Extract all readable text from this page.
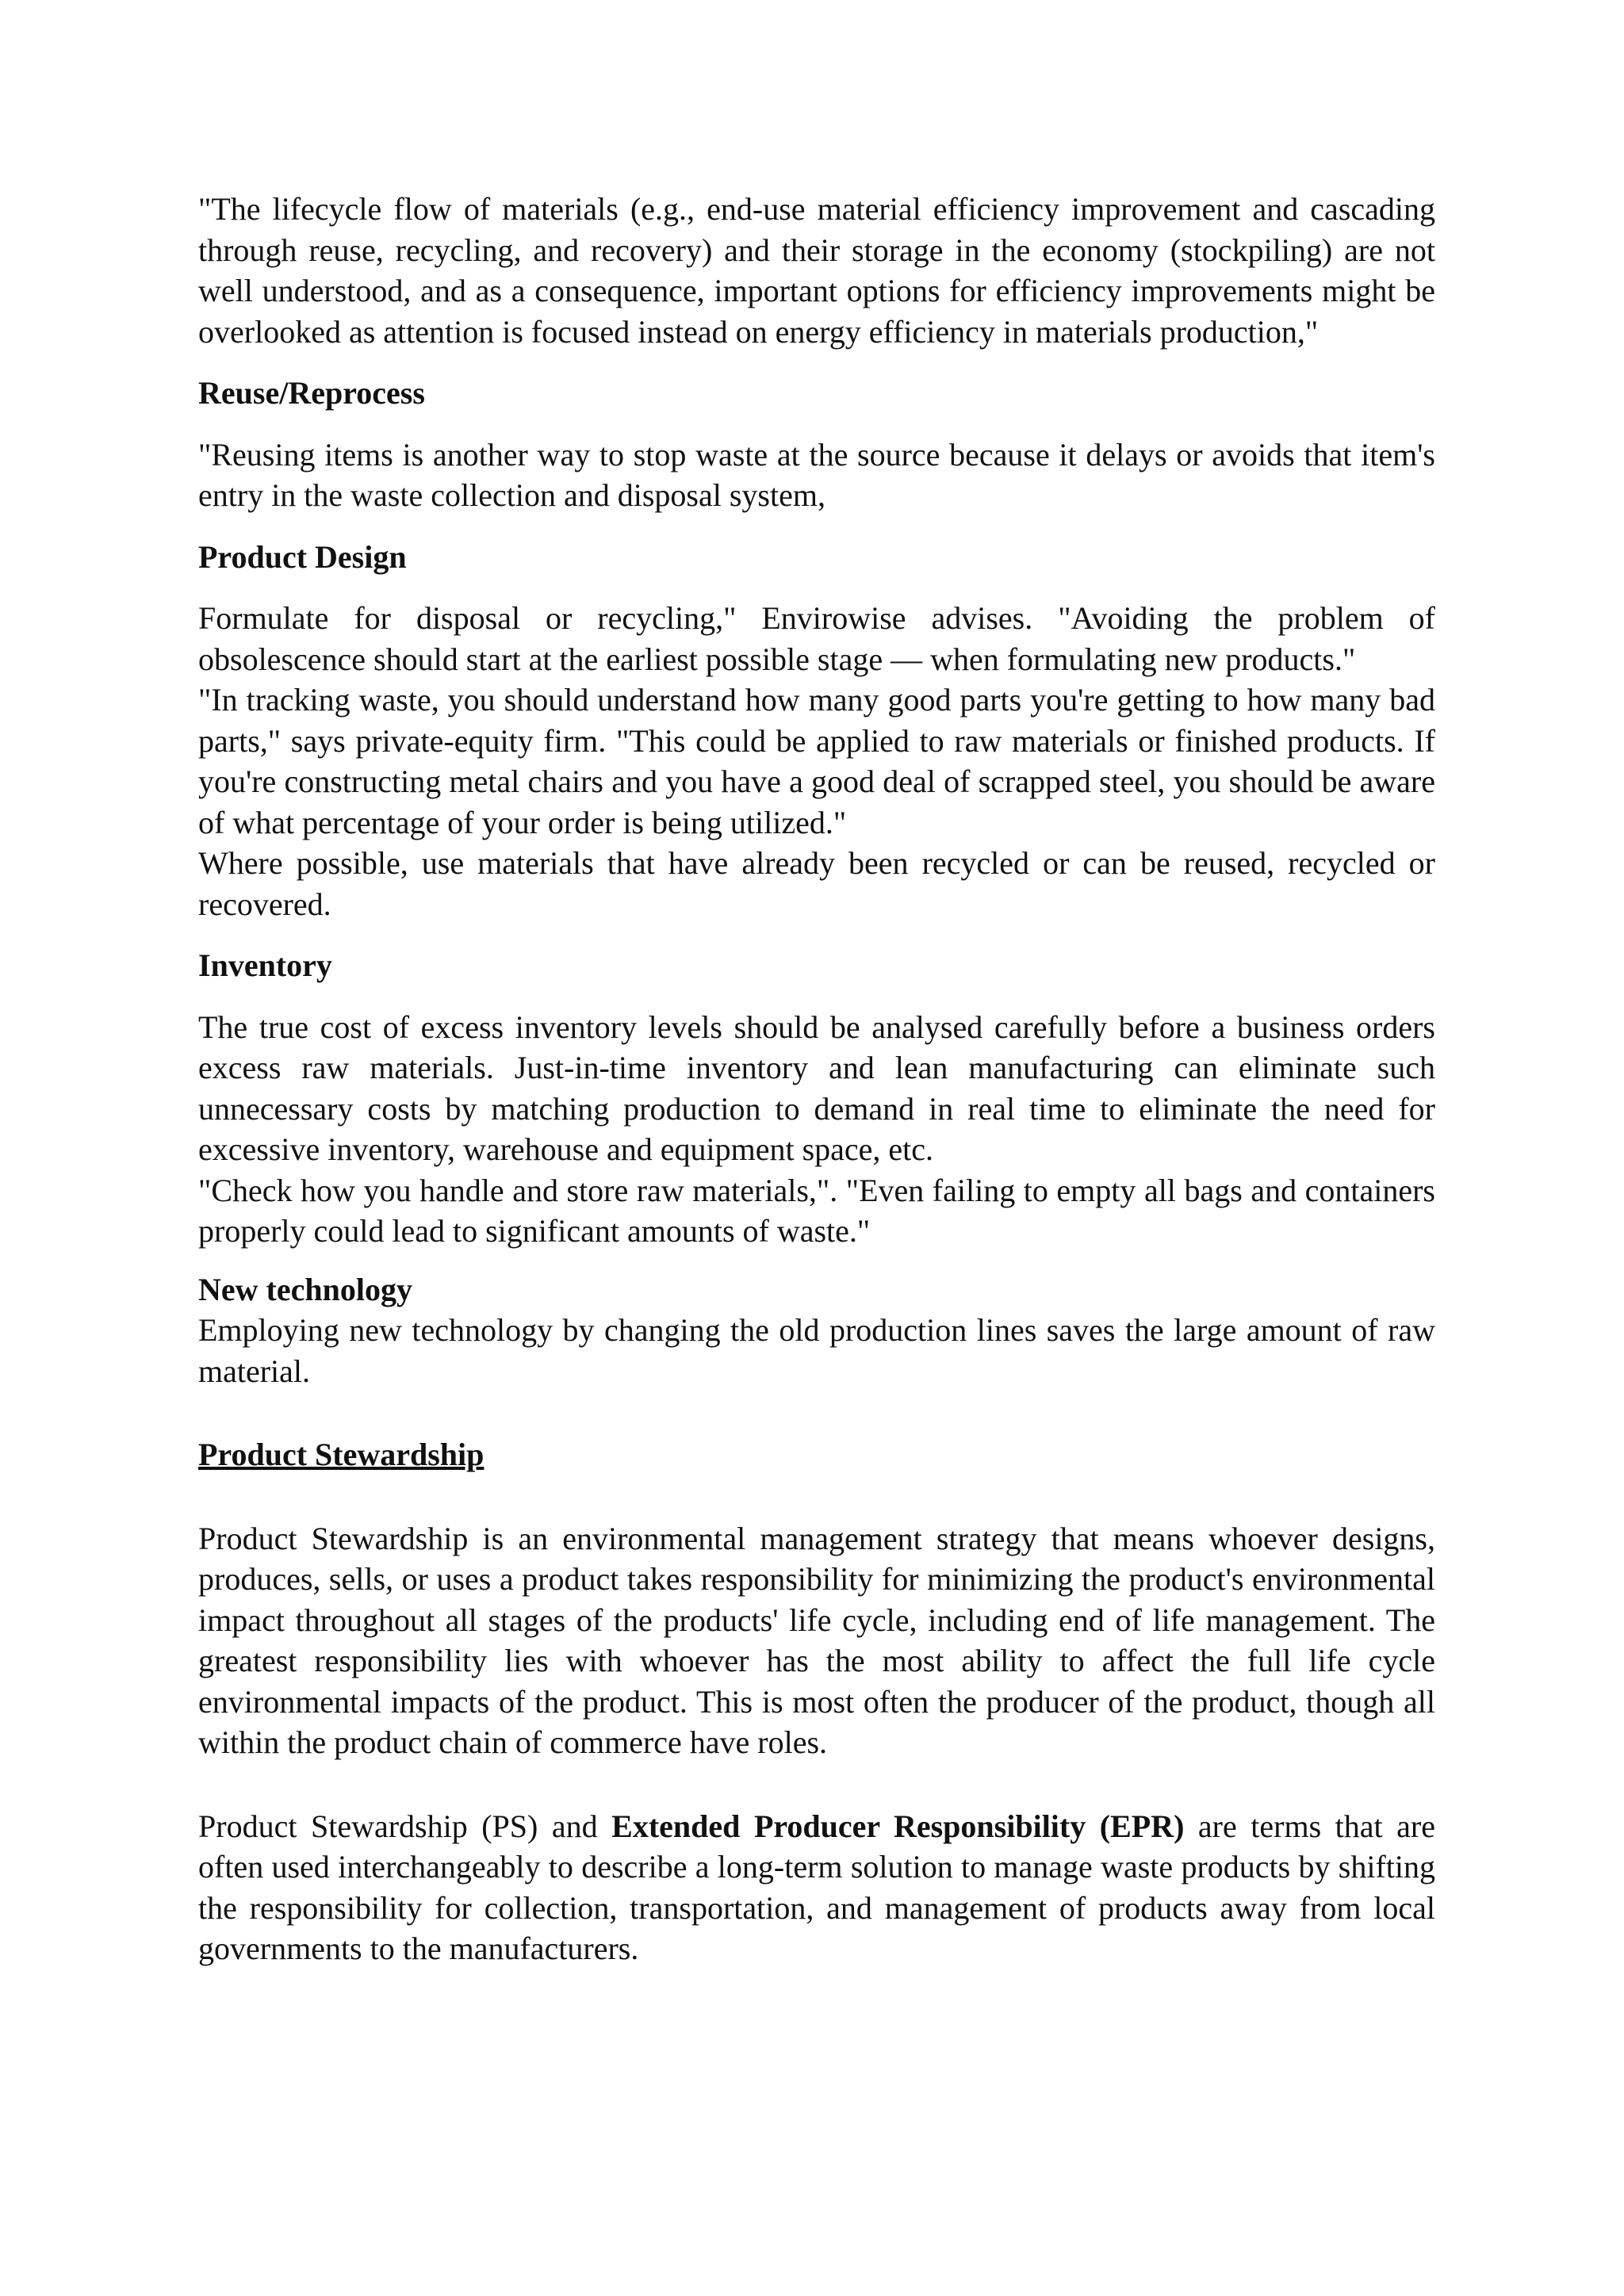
"The lifecycle flow of materials (e.g., end-use material efficiency improvement and cascading through reuse, recycling, and recovery) and their storage in the economy (stockpiling) are not well understood, and as a consequence, important options for efficiency improvements might be overlooked as attention is focused instead on energy efficiency in materials production,"

Reuse/Reprocess

"Reusing items is another way to stop waste at the source because it delays or avoids that item's entry in the waste collection and disposal system,

Product Design

Formulate for disposal or recycling," Envirowise advises. "Avoiding the problem of obsolescence should start at the earliest possible stage — when formulating new products."

"In tracking waste, you should understand how many good parts you're getting to how many bad parts," says private-equity firm. "This could be applied to raw materials or finished products. If you're constructing metal chairs and you have a good deal of scrapped steel, you should be aware of what percentage of your order is being utilized."

Where possible, use materials that have already been recycled or can be reused, recycled or recovered.

Inventory

The true cost of excess inventory levels should be analysed carefully before a business orders excess raw materials. Just-in-time inventory and lean manufacturing can eliminate such unnecessary costs by matching production to demand in real time to eliminate the need for excessive inventory, warehouse and equipment space, etc.

"Check how you handle and store raw materials,". "Even failing to empty all bags and containers properly could lead to significant amounts of waste."

New technology

Employing new technology by changing the old production lines saves the large amount of raw material.

Product Stewardship

Product Stewardship is an environmental management strategy that means whoever designs, produces, sells, or uses a product takes responsibility for minimizing the product's environmental impact throughout all stages of the products' life cycle, including end of life management. The greatest responsibility lies with whoever has the most ability to affect the full life cycle environmental impacts of the product. This is most often the producer of the product, though all within the product chain of commerce have roles.

Product Stewardship (PS) and Extended Producer Responsibility (EPR) are terms that are often used interchangeably to describe a long-term solution to manage waste products by shifting the responsibility for collection, transportation, and management of products away from local governments to the manufacturers.
